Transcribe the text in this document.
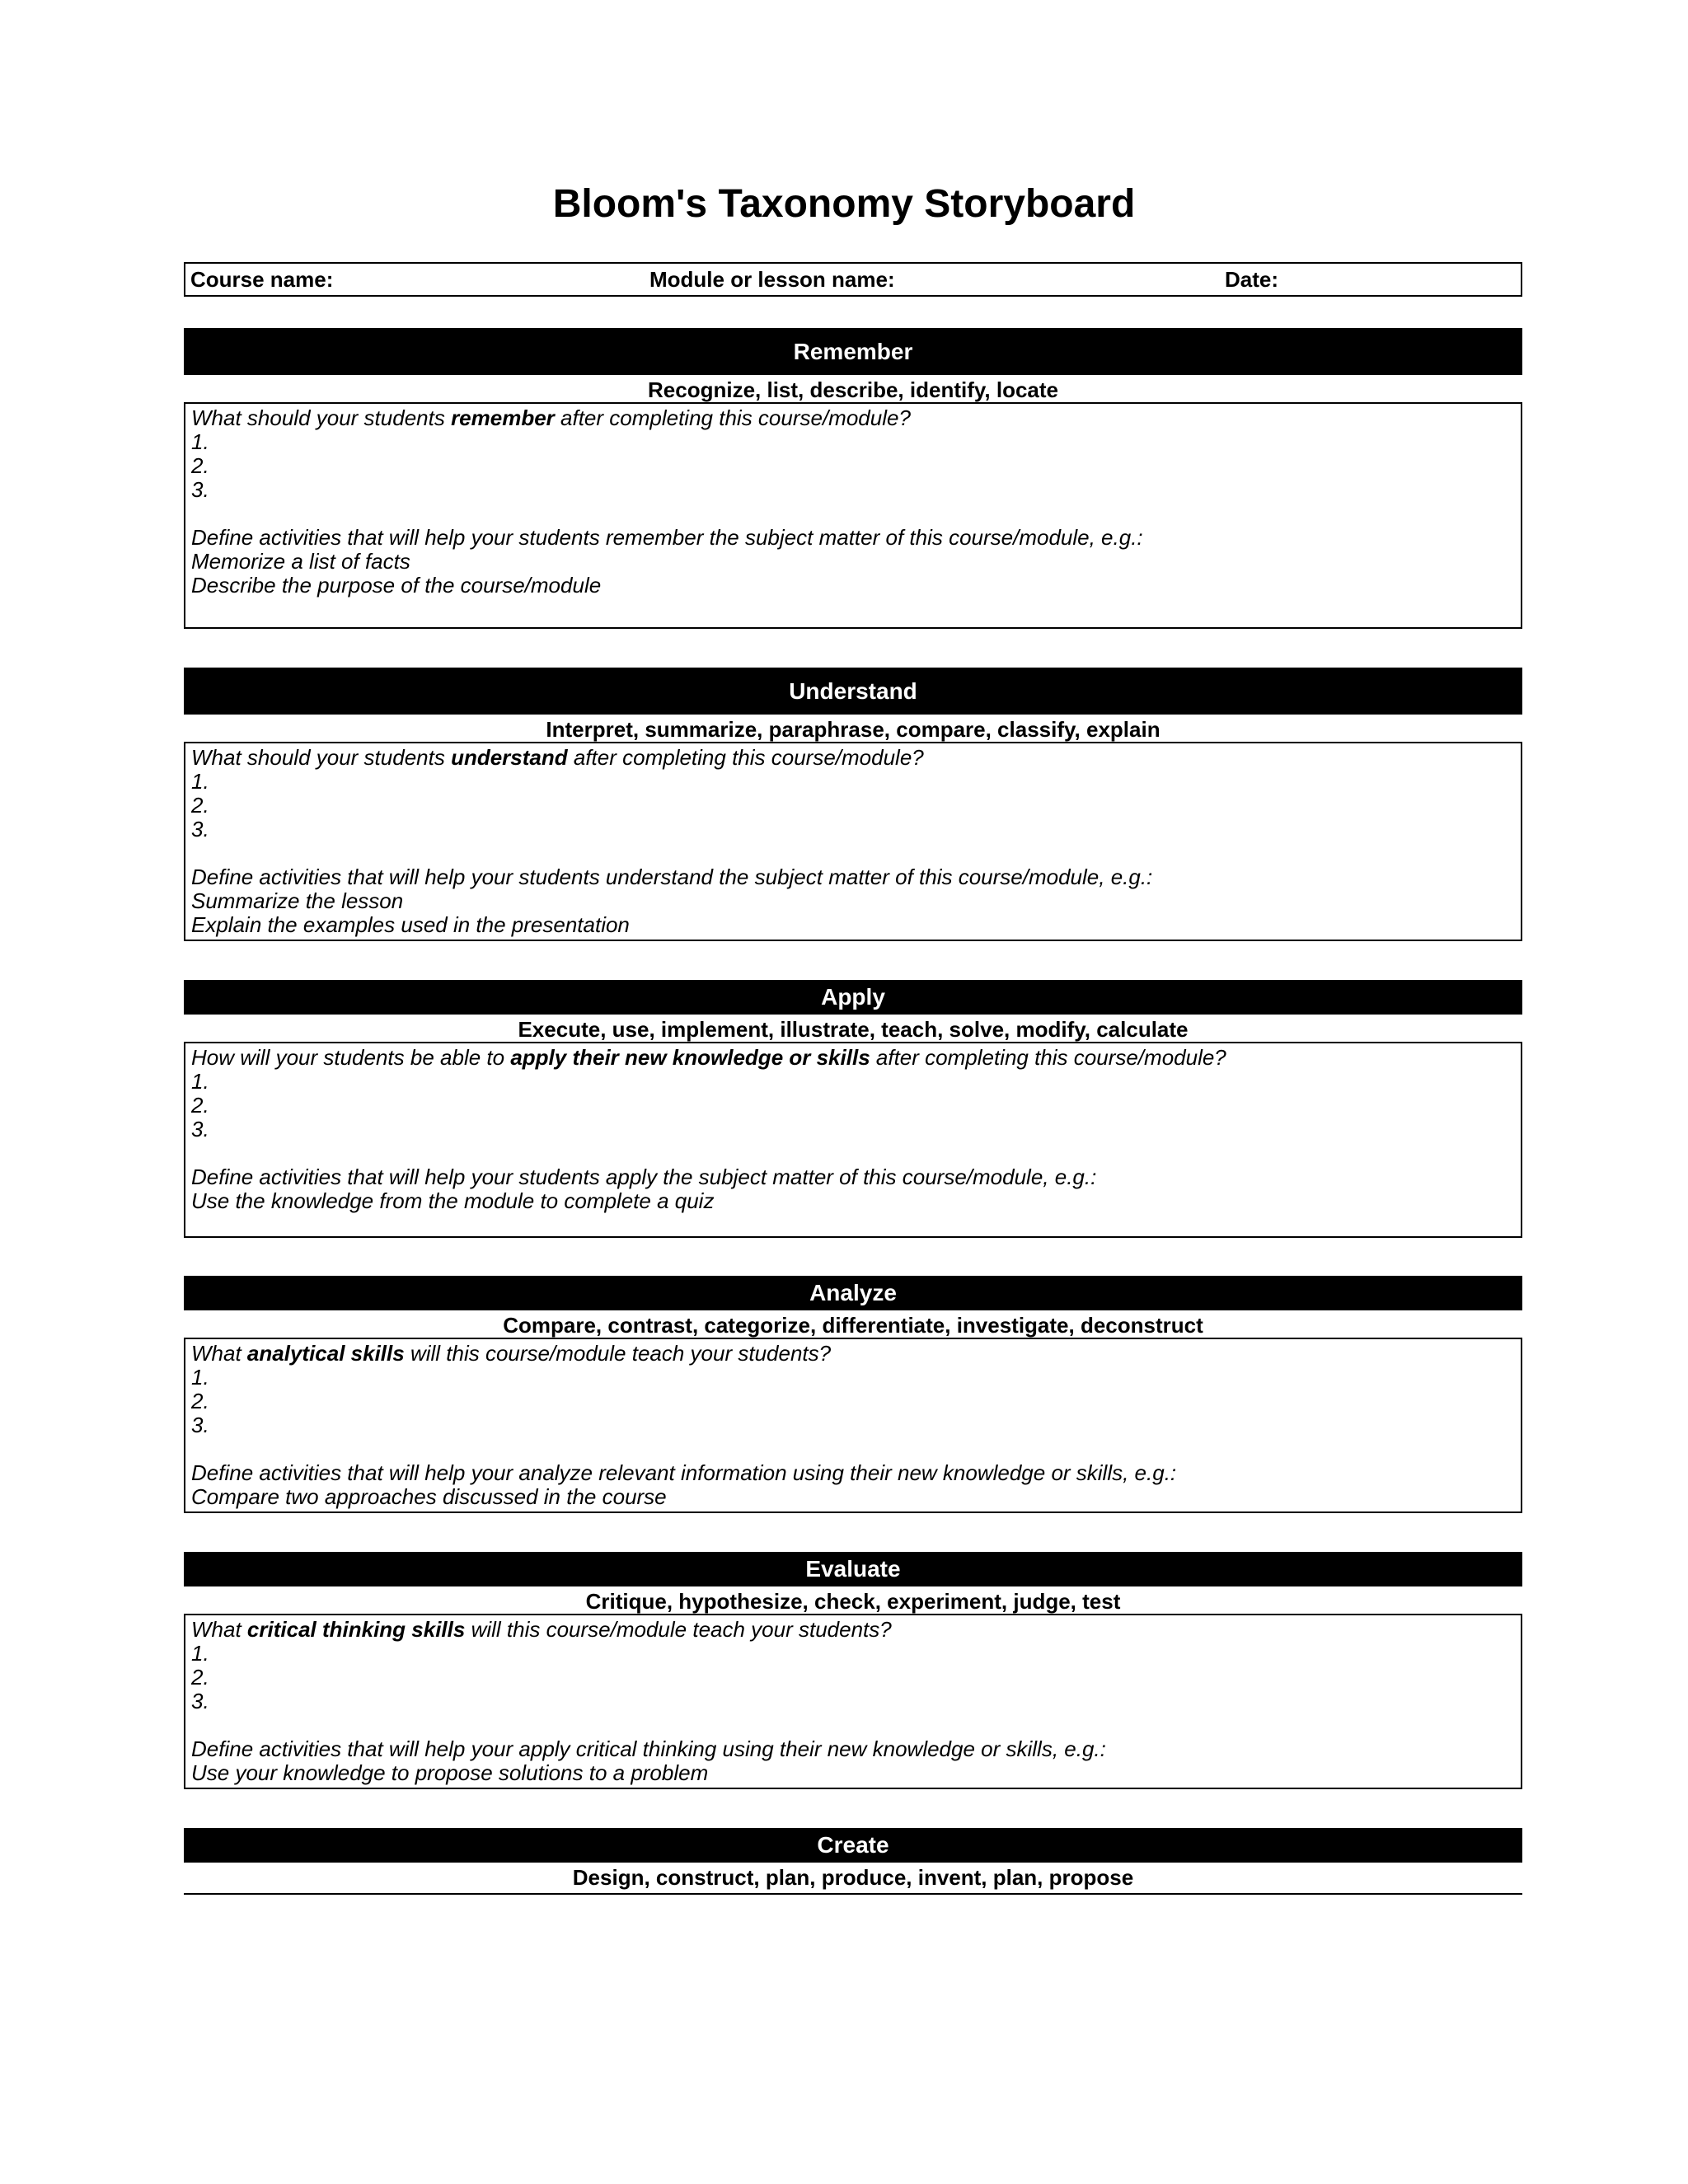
Bloom's Taxonomy Storyboard
Course name:	Module or lesson name:	Date:
Remember
Recognize, list, describe, identify, locate
What should your students remember after completing this course/module?
1.
2.
3.
Define activities that will help your students remember the subject matter of this course/module, e.g.:
Memorize a list of facts
Describe the purpose of the course/module
Understand
Interpret, summarize, paraphrase, compare, classify, explain
What should your students understand after completing this course/module?
1.
2.
3.
Define activities that will help your students understand the subject matter of this course/module, e.g.:
Summarize the lesson
Explain the examples used in the presentation
Apply
Execute, use, implement, illustrate, teach, solve, modify, calculate
How will your students be able to apply their new knowledge or skills after completing this course/module?
1.
2.
3.
Define activities that will help your students apply the subject matter of this course/module, e.g.:
Use the knowledge from the module to complete a quiz
Analyze
Compare, contrast, categorize, differentiate, investigate, deconstruct
What analytical skills will this course/module teach your students?
1.
2.
3.
Define activities that will help your analyze relevant information using their new knowledge or skills, e.g.:
Compare two approaches discussed in the course
Evaluate
Critique, hypothesize, check, experiment, judge, test
What critical thinking skills will this course/module teach your students?
1.
2.
3.
Define activities that will help your apply critical thinking using their new knowledge or skills, e.g.:
Use your knowledge to propose solutions to a problem
Create
Design, construct, plan, produce, invent, plan, propose
